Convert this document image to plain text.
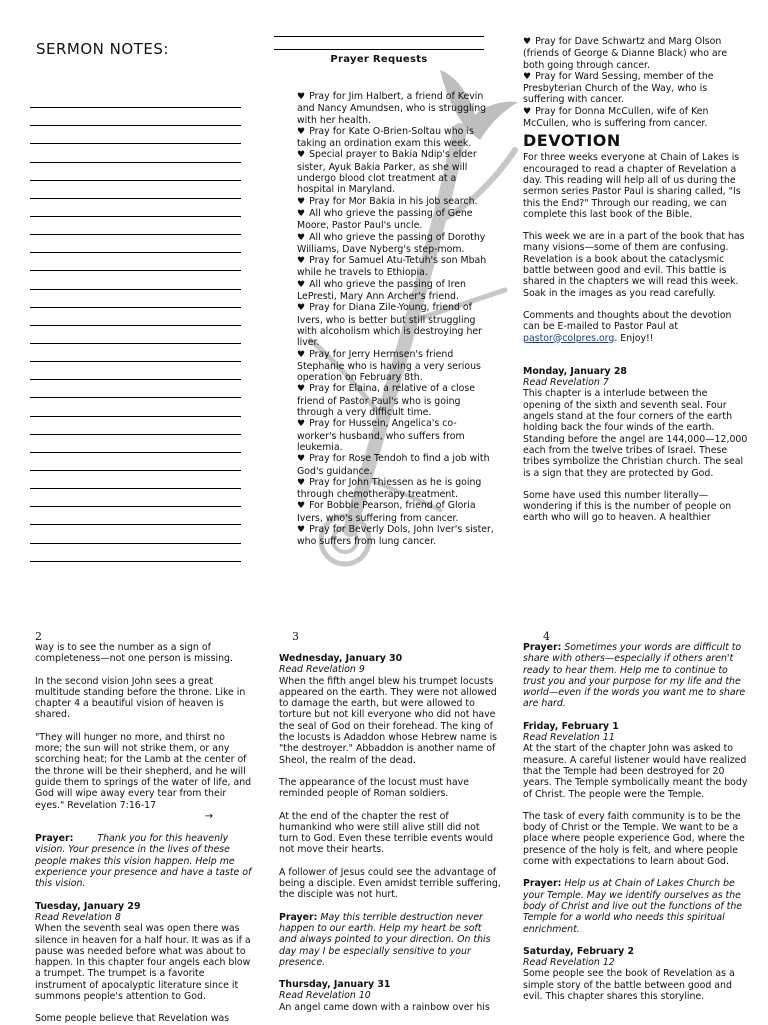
SERMON NOTES:
Prayer Requests

♥ Pray for Jim Halbert, a friend of Kevin and Nancy Amundsen, who is struggling with her health.

♥ Pray for Kate O-Brien-Soltau who is taking an ordination exam this week.

♥ Special prayer to Bakia Ndip's elder sister, Ayuk Bakia Parker, as she will undergo blood clot treatment at a hospital in Maryland.

♥ Pray for Mor Bakia in his job search.

♥ All who grieve the passing of Gene Moore, Pastor Paul's uncle.

♥ All who grieve the passing of Dorothy Williams, Dave Nyberg's step-mom.

♥ Pray for Samuel Atu-Tetuh's son Mbah while he travels to Ethiopia.

♥ All who grieve the passing of Iren LePresti, Mary Ann Archer's friend.

♥ Pray for Diana Zile-Young, friend of Ivers, who is better but still struggling with alcoholism which is destroying her liver.

♥ Pray for Jerry Hermsen's friend Stephanie who is having a very serious operation on February 8th.

♥ Pray for Elaina, a relative of a close friend of Pastor Paul's who is going through a very difficult time.

♥ Pray for Hussein, Angelica's co-worker's husband, who suffers from leukemia.

♥ Pray for Rose Tendoh to find a job with God's guidance.

♥ Pray for John Thiessen as he is going through chemotherapy treatment.

♥ For Bobbie Pearson, friend of Gloria Ivers, who's suffering from cancer.

♥ Pray for Beverly Dols, John Iver's sister, who suffers from lung cancer.

♥ Pray for Dave Schwartz and Marg Olson (friends of George & Dianne Black) who are both going through cancer.

♥ Pray for Ward Sessing, member of the Presbyterian Church of the Way, who is suffering with cancer.

♥ Pray for Donna McCullen, wife of Ken McCullen, who is suffering from cancer.

DEVOTION

For three weeks everyone at Chain of Lakes is encouraged to read a chapter of Revelation a day. This reading will help all of us during the sermon series Pastor Paul is sharing called, "Is this the End?" Through our reading, we can complete this last book of the Bible.

This week we are in a part of the book that has many visions—some of them are confusing. Revelation is a book about the cataclysmic battle between good and evil. This battle is shared in the chapters we will read this week. Soak in the images as you read carefully.

Comments and thoughts about the devotion can be E-mailed to Pastor Paul at pastor@colpres.org. Enjoy!!

Monday, January 28

Read Revelation 7

This chapter is a interlude between the opening of the sixth and seventh seal. Four angels stand at the four corners of the earth holding back the four winds of the earth. Standing before the angel are 144,000—12,000 each from the twelve tribes of Israel. These tribes symbolize the Christian church. The seal is a sign that they are protected by God.

Some have used this number literally—wondering if this is the number of people on earth who will go to heaven. A healthier

2	3	4

way is to see the number as a sign of completeness—not one person is missing.

In the second vision John sees a great multitude standing before the throne. Like in chapter 4 a beautiful vision of heaven is shared.

"They will hunger no more, and thirst no more; the sun will not strike them, or any scorching heat; for the Lamb at the center of the throne will be their shepherd, and he will guide them to springs of the water of life, and God will wipe away every tear from their eyes." Revelation 7:16-17

→

Prayer:	Thank you for this heavenly vision. Your presence in the lives of these people makes this vision happen. Help me experience your presence and have a taste of this vision.

Tuesday, January 29

Read Revelation 8

When the seventh seal was open there was silence in heaven for a half hour. It was as if a pause was needed before what was about to happen. In this chapter four angels each blow a trumpet. The trumpet is a favorite instrument of apocalyptic literature since it summons people's attention to God.

Some people believe that Revelation was

Wednesday, January 30

Read Revelation 9

When the fifth angel blew his trumpet locusts appeared on the earth. They were not allowed to damage the earth, but were allowed to torture but not kill everyone who did not have the seal of God on their forehead. The king of the locusts is Adaddon whose Hebrew name is "the destroyer." Abbaddon is another name of Sheol, the realm of the dead.

The appearance of the locust must have reminded people of Roman soldiers.

At the end of the chapter the rest of humankind who were still alive still did not turn to God. Even these terrible events would not move their hearts.

A follower of Jesus could see the advantage of being a disciple. Even amidst terrible suffering, the disciple was not hurt.

Prayer: May this terrible destruction never happen to our earth. Help my heart be soft and always pointed to your direction. On this day may I be especially sensitive to your presence.

Thursday, January 31

Read Revelation 10

An angel came down with a rainbow over his

Prayer: Sometimes your words are difficult to share with others—especially if others aren't ready to hear them. Help me to continue to trust you and your purpose for my life and the world—even if the words you want me to share are hard.

Friday, February 1

Read Revelation 11

At the start of the chapter John was asked to measure. A careful listener would have realized that the Temple had been destroyed for 20 years. The Temple symbolically meant the body of Christ. The people were the Temple.

The task of every faith community is to be the body of Christ or the Temple. We want to be a place where people experience God, where the presence of the holy is felt, and where people come with expectations to learn about God.

Prayer: Help us at Chain of Lakes Church be your Temple. May we identify ourselves as the body of Christ and live out the functions of the Temple for a world who needs this spiritual enrichment.

Saturday, February 2

Read Revelation 12

Some people see the book of Revelation as a simple story of the battle between good and evil. This chapter shares this storyline.
